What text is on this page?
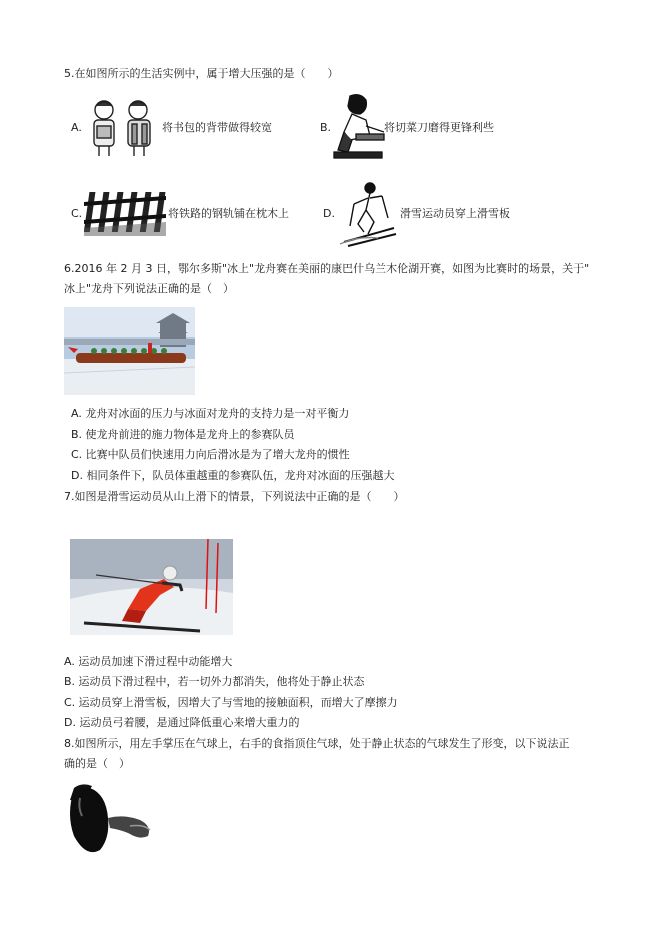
5.在如图所示的生活实例中，属于增大压强的是（　　）
A.	将书包的背带做得较宽	B.	将切菜刀磨得更锋利些
C.	将铁路的钢轨铺在枕木上	D.	滑雪运动员穿上滑雪板
6.2016 年 2 月 3 日，鄂尔多斯"冰上"龙舟赛在美丽的康巴什乌兰木伦湖开赛，如图为比赛时的场景，关于"
冰上"龙舟下列说法正确的是（　）
A. 龙舟对冰面的压力与冰面对龙舟的支持力是一对平衡力
B. 使龙舟前进的施力物体是龙舟上的参赛队员
C. 比赛中队员们快速用力向后滑冰是为了增大龙舟的惯性
D. 相同条件下，队员体重越重的参赛队伍，龙舟对冰面的压强越大
7.如图是滑雪运动员从山上滑下的情景，下列说法中正确的是（　　）
A. 运动员加速下滑过程中动能增大
B. 运动员下滑过程中，若一切外力都消失，他将处于静止状态
C. 运动员穿上滑雪板，因增大了与雪地的接触面积，而增大了摩擦力
D. 运动员弓着腰，是通过降低重心来增大重力的
8.如图所示，用左手掌压在气球上，右手的食指顶住气球，处于静止状态的气球发生了形变，以下说法正
确的是（　）
